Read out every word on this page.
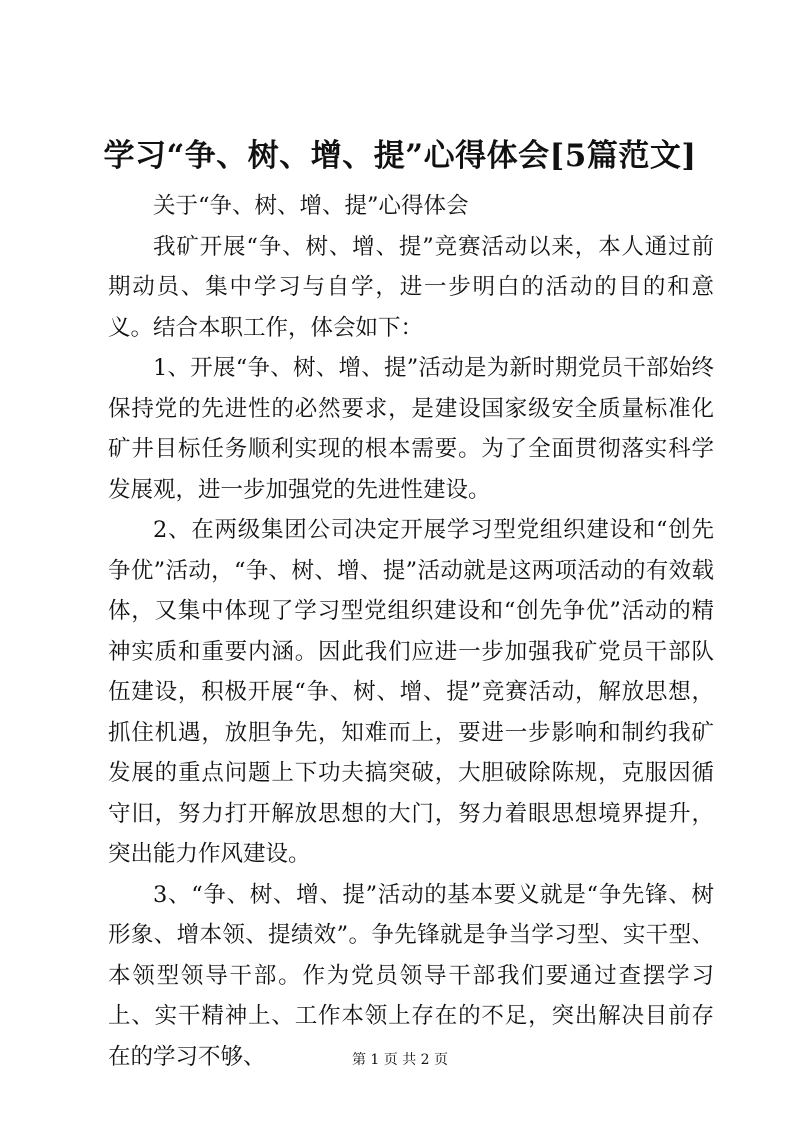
学习“争、树、增、提”心得体会[5篇范文]

关于“争、树、增、提”心得体会

我矿开展“争、树、增、提”竞赛活动以来，本人通过前期动员、集中学习与自学，进一步明白的活动的目的和意义。结合本职工作，体会如下：

1、开展“争、树、增、提”活动是为新时期党员干部始终保持党的先进性的必然要求，是建设国家级安全质量标准化矿井目标任务顺利实现的根本需要。为了全面贯彻落实科学发展观，进一步加强党的先进性建设。

2、在两级集团公司决定开展学习型党组织建设和“创先争优”活动，“争、树、增、提”活动就是这两项活动的有效载体，又集中体现了学习型党组织建设和“创先争优”活动的精神实质和重要内涵。因此我们应进一步加强我矿党员干部队伍建设，积极开展“争、树、增、提”竞赛活动，解放思想，抓住机遇，放胆争先，知难而上，要进一步影响和制约我矿发展的重点问题上下功夫搞突破，大胆破除陈规，克服因循守旧，努力打开解放思想的大门，努力着眼思想境界提升，突出能力作风建设。

3、“争、树、增、提”活动的基本要义就是“争先锋、树形象、增本领、提绩效”。争先锋就是争当学习型、实干型、本领型领导干部。作为党员领导干部我们要通过查摆学习上、实干精神上、工作本领上存在的不足，突出解决目前存在的学习不够、	第 1 页 共 2 页
